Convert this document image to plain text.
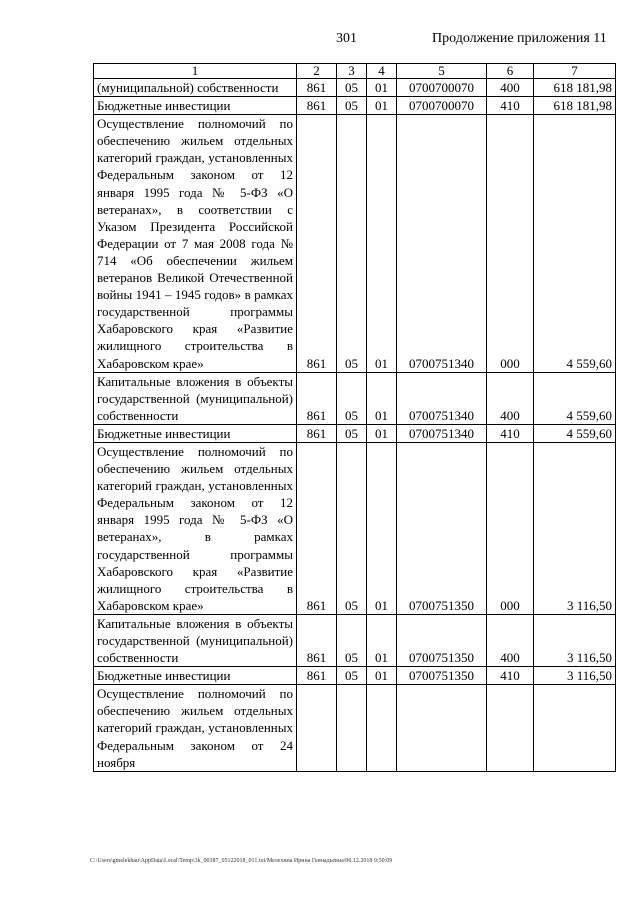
301	Продолжение приложения 11
1	2	3	4	5	6	7
(муниципальной) собственности	861	05	01	0700700070	400	618 181,98
Бюджетные инвестиции	861	05	01	0700700070	410	618 181,98
Осуществление полномочий по обеспечению жильем отдельных категорий граждан, установленных Федеральным законом от 12 января 1995 года № 5-ФЗ «О ветеранах», в соответствии с Указом Президента Российской Федерации от 7 мая 2008 года № 714 «Об обеспечении жильем ветеранов Великой Отечественной войны 1941 – 1945 годов» в рамках государственной программы Хабаровского края «Развитие жилищного строительства в Хабаровском крае»	861	05	01	0700751340	000	4 559,60
Капитальные вложения в объекты государственной (муниципальной) собственности	861	05	01	0700751340	400	4 559,60
Бюджетные инвестиции	861	05	01	0700751340	410	4 559,60
Осуществление полномочий по обеспечению жильем отдельных категорий граждан, установленных Федеральным законом от 12 января 1995 года № 5-ФЗ «О ветеранах», в рамках государственной программы Хабаровского края «Развитие жилищного строительства в Хабаровском крае»	861	05	01	0700751350	000	3 116,50
Капитальные вложения в объекты государственной (муниципальной) собственности	861	05	01	0700751350	400	3 116,50
Бюджетные инвестиции	861	05	01	0700751350	410	3 116,50
Осуществление полномочий по обеспечению жильем отдельных категорий граждан, установленных Федеральным законом от 24 ноября						
C:\Users\gmelekhau\AppData\Local\Temp\3k_00387_05122018_011.txt/Мелехина Ирина Геннадьевна/06.12.2018 9:50:09
